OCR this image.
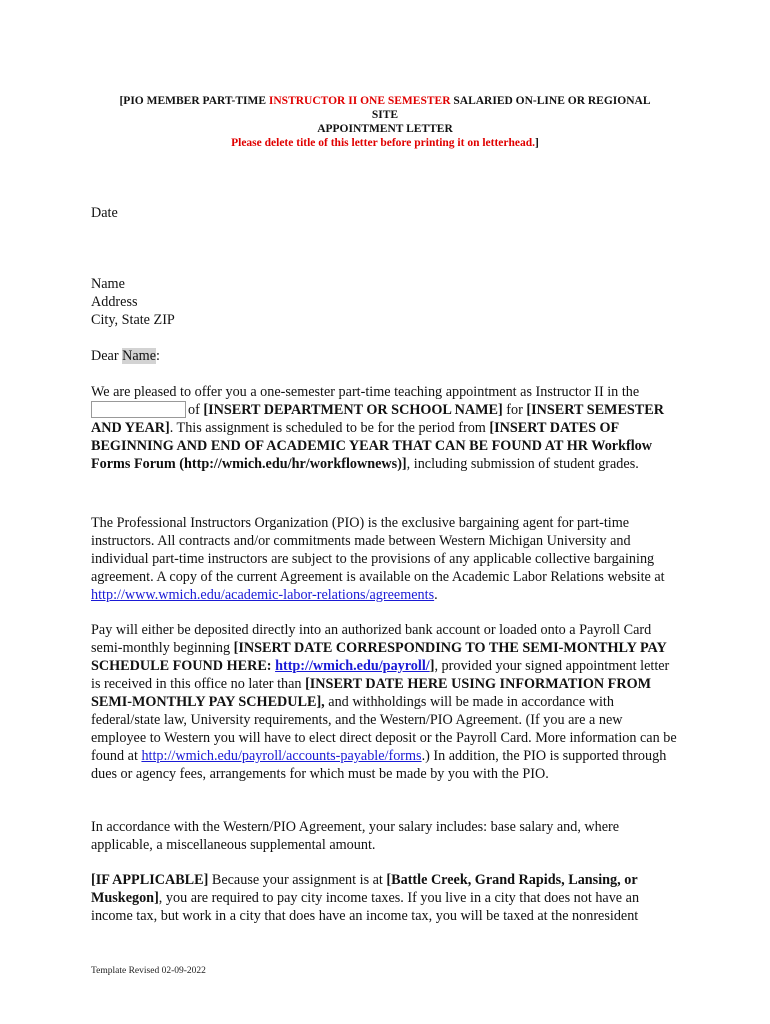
[PIO MEMBER PART-TIME INSTRUCTOR II ONE SEMESTER SALARIED ON-LINE OR REGIONAL
SITE
APPOINTMENT LETTER
Please delete title of this letter before printing it on letterhead.]
Date
Name
Address
City, State ZIP
Dear Name:

We are pleased to offer you a one-semester part-time teaching appointment as Instructor II in the of [INSERT DEPARTMENT OR SCHOOL NAME] for [INSERT SEMESTER AND YEAR]. This assignment is scheduled to be for the period from [INSERT DATES OF BEGINNING AND END OF ACADEMIC YEAR THAT CAN BE FOUND AT HR Workflow Forms Forum (http://wmich.edu/hr/workflownews)], including submission of student grades.

The Professional Instructors Organization (PIO) is the exclusive bargaining agent for part-time instructors. All contracts and/or commitments made between Western Michigan University and individual part-time instructors are subject to the provisions of any applicable collective bargaining agreement. A copy of the current Agreement is available on the Academic Labor Relations website at http://www.wmich.edu/academic-labor-relations/agreements.

Pay will either be deposited directly into an authorized bank account or loaded onto a Payroll Card semi-monthly beginning [INSERT DATE CORRESPONDING TO THE SEMI-MONTHLY PAY SCHEDULE FOUND HERE: http://wmich.edu/payroll/], provided your signed appointment letter is received in this office no later than [INSERT DATE HERE USING INFORMATION FROM SEMI-MONTHLY PAY SCHEDULE], and withholdings will be made in accordance with federal/state law, University requirements, and the Western/PIO Agreement. (If you are a new employee to Western you will have to elect direct deposit or the Payroll Card. More information can be found at http://wmich.edu/payroll/accounts-payable/forms.) In addition, the PIO is supported through dues or agency fees, arrangements for which must be made by you with the PIO.

In accordance with the Western/PIO Agreement, your salary includes: base salary and, where applicable, a miscellaneous supplemental amount.

[IF APPLICABLE] Because your assignment is at [Battle Creek, Grand Rapids, Lansing, or Muskegon], you are required to pay city income taxes. If you live in a city that does not have an income tax, but work in a city that does have an income tax, you will be taxed at the nonresident

Template Revised 02-09-2022
